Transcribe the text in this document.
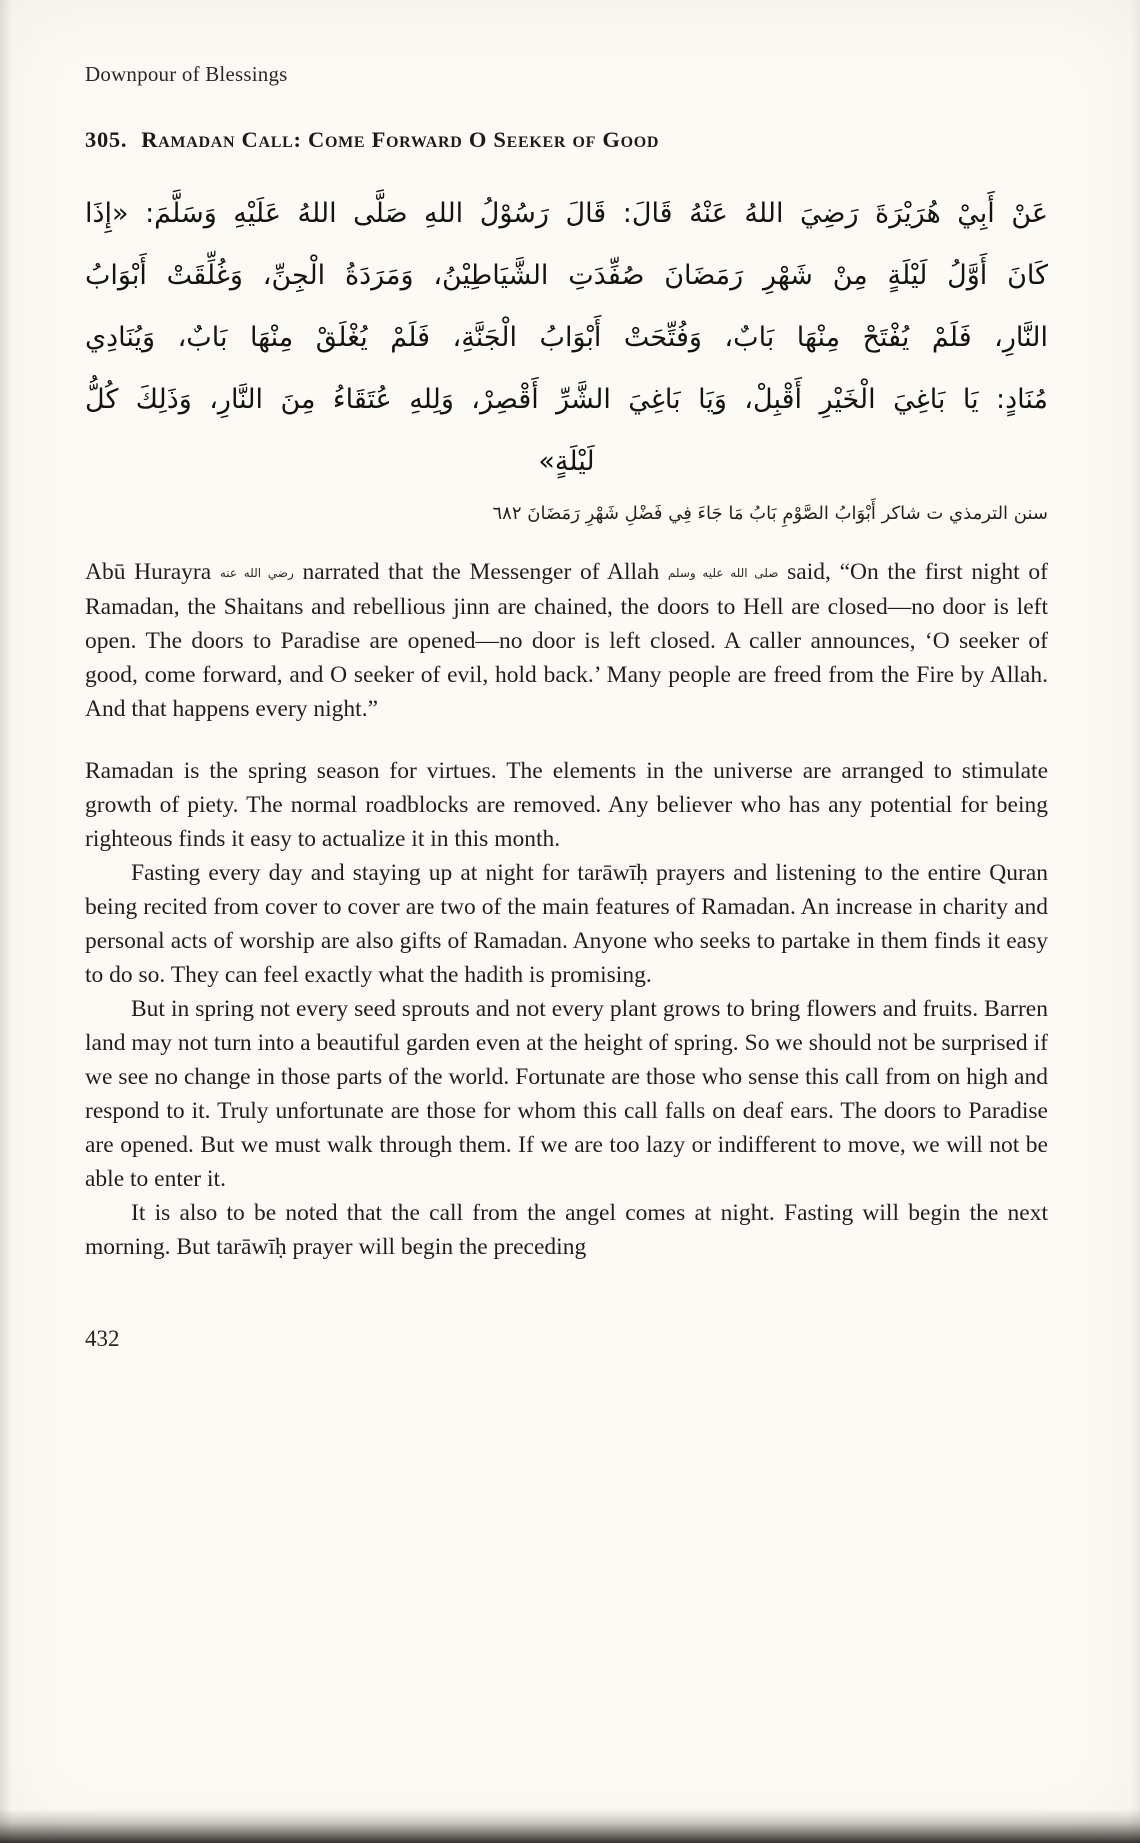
Downpour of Blessings
305. Ramadan Call: Come Forward O Seeker of Good
عَنْ أَبِيْ هُرَيْرَةَ رَضِيَ اللهُ عَنْهُ قَالَ: قَالَ رَسُوْلُ اللهِ صَلَّى اللهُ عَلَيْهِ وَسَلَّمَ: «إِذَا
كَانَ أَوَّلُ لَيْلَةٍ مِنْ شَهْرِ رَمَضَانَ صُفِّدَتِ الشَّيَاطِيْنُ، وَمَرَدَةُ الْجِنِّ، وَغُلِّقَتْ أَبْوَابُ
النَّارِ، فَلَمْ يُفْتَحْ مِنْهَا بَابٌ، وَفُتِّحَتْ أَبْوَابُ الْجَنَّةِ، فَلَمْ يُغْلَقْ مِنْهَا بَابٌ، وَيُنَادِي
مُنَادٍ: يَا بَاغِيَ الْخَيْرِ أَقْبِلْ، وَيَا بَاغِيَ الشَّرِّ أَقْصِرْ، وَلِلهِ عُتَقَاءُ مِنَ النَّارِ، وَذَلِكَ كُلُّ
لَيْلَةٍ»
سنن الترمذي ت شاكر أَبْوَابُ الصَّوْمِ بَابُ مَا جَاءَ فِي فَضْلِ شَهْرِ رَمَضَانَ ٦٨٢

Abū Hurayra رضي الله عنه narrated that the Messenger of Allah صلى الله عليه وسلم said, “On the first night of Ramadan, the Shaitans and rebellious jinn are chained, the doors to Hell are closed—no door is left open. The doors to Paradise are opened—no door is left closed. A caller announces, ‘O seeker of good, come forward, and O seeker of evil, hold back.’ Many people are freed from the Fire by Allah. And that happens every night.”

Ramadan is the spring season for virtues. The elements in the universe are arranged to stimulate growth of piety. The normal roadblocks are removed. Any believer who has any potential for being righteous finds it easy to actualize it in this month.

Fasting every day and staying up at night for tarāwīḥ prayers and listening to the entire Quran being recited from cover to cover are two of the main features of Ramadan. An increase in charity and personal acts of worship are also gifts of Ramadan. Anyone who seeks to partake in them finds it easy to do so. They can feel exactly what the hadith is promising.

But in spring not every seed sprouts and not every plant grows to bring flowers and fruits. Barren land may not turn into a beautiful garden even at the height of spring. So we should not be surprised if we see no change in those parts of the world. Fortunate are those who sense this call from on high and respond to it. Truly unfortunate are those for whom this call falls on deaf ears. The doors to Paradise are opened. But we must walk through them. If we are too lazy or indifferent to move, we will not be able to enter it.

It is also to be noted that the call from the angel comes at night. Fasting will begin the next morning. But tarāwīḥ prayer will begin the preceding

432
